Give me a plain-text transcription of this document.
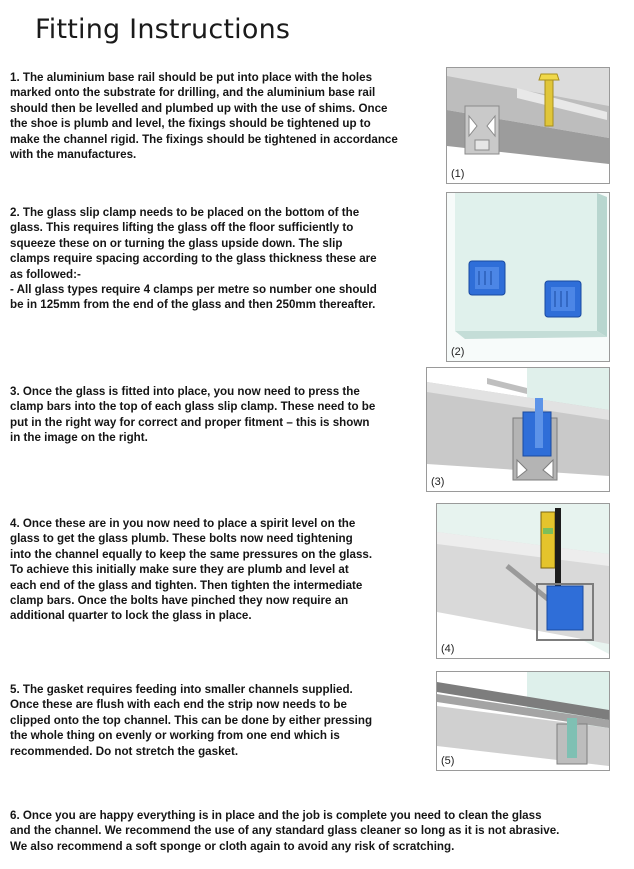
Fitting Instructions

1. The aluminium base rail should be put into place with the holes
marked onto the substrate for drilling, and the aluminium base rail
should then be levelled and plumbed up with the use of shims. Once
the shoe is plumb and level, the fixings should be tightened up to
make the channel rigid. The fixings should be tightened in accordance
with the manufactures.

(1)

2. The glass slip clamp needs to be placed on the bottom of the
glass. This requires lifting the glass off the floor sufficiently to
squeeze these on or turning the glass upside down. The slip
clamps require spacing according to the glass thickness these are
as followed:-
- All glass types require 4 clamps per metre so number one should
be in 125mm from the end of the glass and then 250mm thereafter.

(2)

3. Once the glass is fitted into place, you now need to press the
clamp bars into the top of each glass slip clamp. These need to be
put in the right way for correct and proper fitment – this is shown
in the image on the right.

(3)

4. Once these are in you now need to place a spirit level on the
glass to get the glass plumb. These bolts now need tightening
into the channel equally to keep the same pressures on the glass.
To achieve this initially make sure they are plumb and level at
each end of the glass and tighten. Then tighten the intermediate
clamp bars. Once the bolts have pinched they now require an
additional quarter to lock the glass in place.

(4)

5. The gasket requires feeding into smaller channels supplied.
Once these are flush with each end the strip now needs to be
clipped onto the top channel. This can be done by either pressing
the whole thing on evenly or working from one end which is
recommended. Do not stretch the gasket.

(5)

6. Once you are happy everything is in place and the job is complete you need to clean the glass
and the channel. We recommend the use of any standard glass cleaner so long as it is not abrasive.
We also recommend a soft sponge or cloth again to avoid any risk of scratching.
